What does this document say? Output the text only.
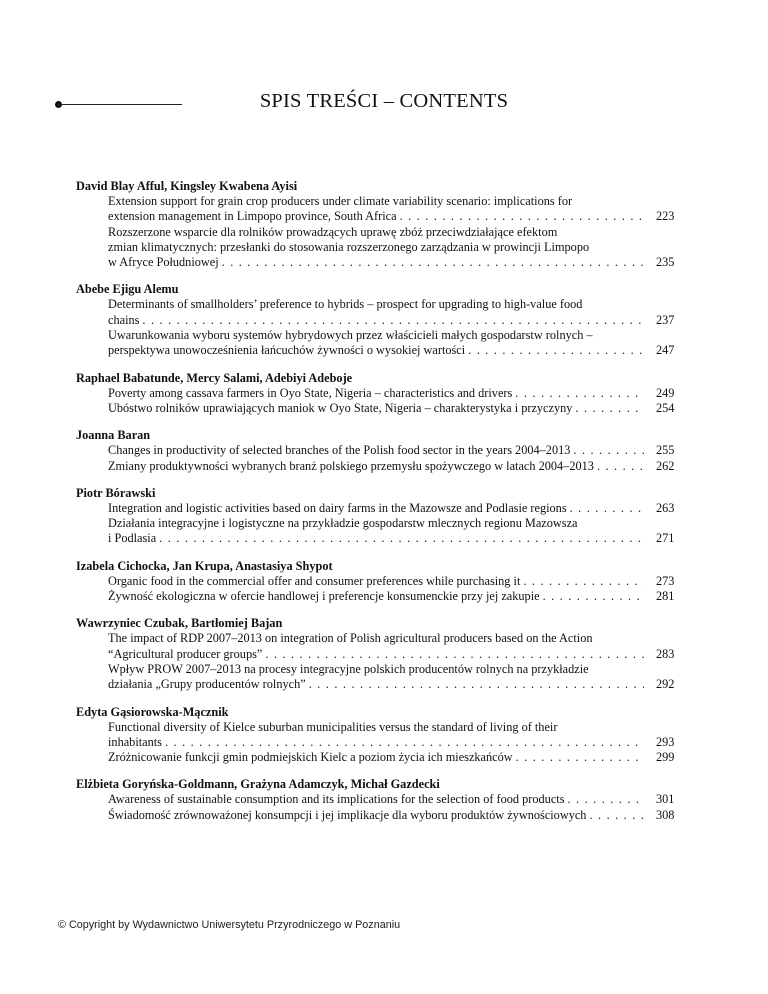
SPIS TREŚCI – CONTENTS
David Blay Afful, Kingsley Kwabena Ayisi
Extension support for grain crop producers under climate variability scenario: implications for
extension management in Limpopo province, South Africa . . .	223
Rozszerzone wsparcie dla rolników prowadzących uprawę zbóż przeciwdziałające efektom
zmian klimatycznych: przesłanki do stosowania rozszerzonego zarządzania w prowincji Limpopo
w Afryce Południowej . . .	235
Abebe Ejigu Alemu
Determinants of smallholders’ preference to hybrids – prospect for upgrading to high-value food
chains . . .	237
Uwarunkowania wyboru systemów hybrydowych przez właścicieli małych gospodarstw rolnych –
perspektywa unowocześnienia łańcuchów żywności o wysokiej wartości . . .	247
Raphael Babatunde, Mercy Salami, Adebiyi Adeboje
Poverty among cassava farmers in Oyo State, Nigeria – characteristics and drivers . . .	249
Ubóstwo rolników uprawiających maniok w Oyo State, Nigeria – charakterystyka i przyczyny . . .	254
Joanna Baran
Changes in productivity of selected branches of the Polish food sector in the years 2004–2013 . . .	255
Zmiany produktywności wybranych branż polskiego przemysłu spożywczego w latach 2004–2013 . . .	262
Piotr Bórawski
Integration and logistic activities based on dairy farms in the Mazowsze and Podlasie regions . . .	263
Działania integracyjne i logistyczne na przykładzie gospodarstw mlecznych regionu Mazowsza
i Podlasia . . .	271
Izabela Cichocka, Jan Krupa, Anastasiya Shypot
Organic food in the commercial offer and consumer preferences while purchasing it . . .	273
Żywność ekologiczna w ofercie handlowej i preferencje konsumenckie przy jej zakupie . . .	281
Wawrzyniec Czubak, Bartłomiej Bajan
The impact of RDP 2007–2013 on integration of Polish agricultural producers based on the Action
“Agricultural producer groups” . . .	283
Wpływ PROW 2007–2013 na procesy integracyjne polskich producentów rolnych na przykładzie
działania „Grupy producentów rolnych” . . .	292
Edyta Gąsiorowska-Mącznik
Functional diversity of Kielce suburban municipalities versus the standard of living of their
inhabitants . . .	293
Zróżnicowanie funkcji gmin podmiejskich Kielc a poziom życia ich mieszkańców . . .	299
Elżbieta Goryńska-Goldmann, Grażyna Adamczyk, Michał Gazdecki
Awareness of sustainable consumption and its implications for the selection of food products . . .	301
Świadomość zrównoważonej konsumpcji i jej implikacje dla wyboru produktów żywnościowych . . .	308
© Copyright by Wydawnictwo Uniwersytetu Przyrodniczego w Poznaniu
